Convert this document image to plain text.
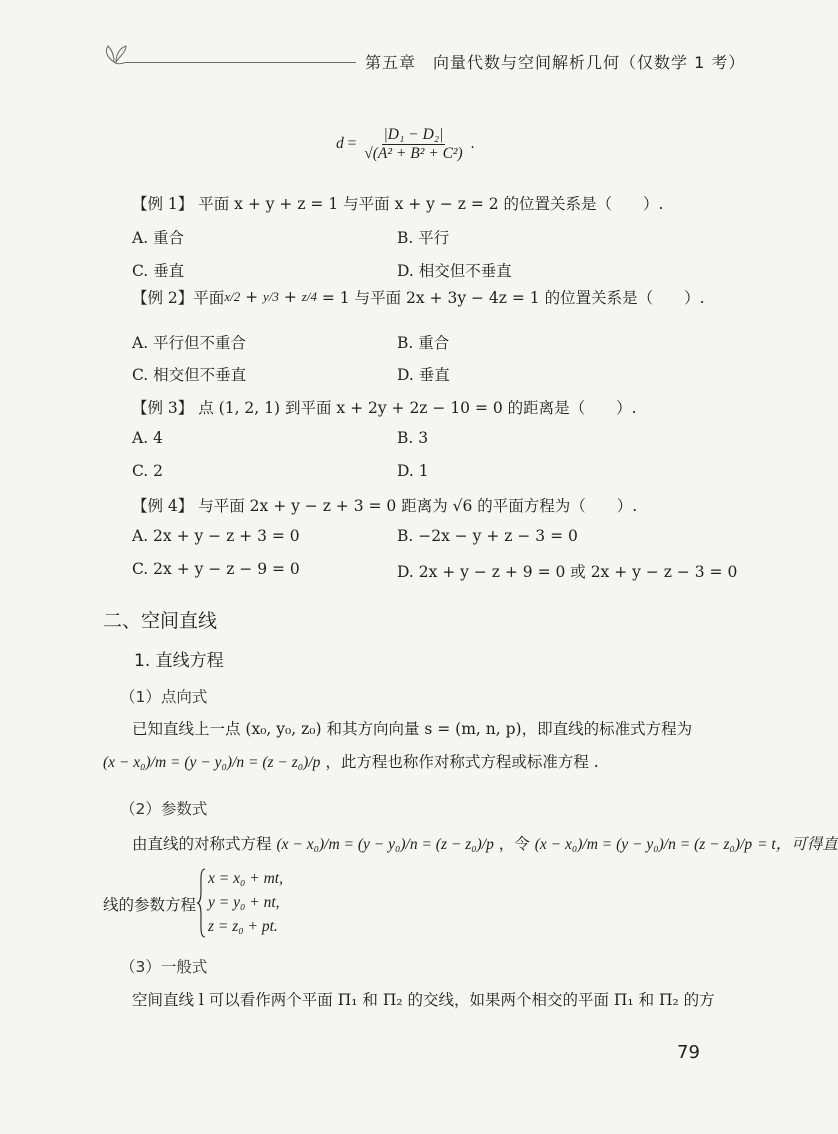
第五章　向量代数与空间解析几何（仅数学 1 考）
$d = \frac{\text{|D₁ − D₂|}}{\text{√(A² + B² + C²)}}$ .
【例 1】 平面 x + y + z = 1 与平面 x + y − z = 2 的位置关系是（　　）.
A. 重合	B. 平行
C. 垂直	D. 相交但不垂直
【例 2】 平面 x/2 + y/3 + z/4
= 1 与平面 2x + 3y − 4z = 1 的位置关系是（　　）.
A. 平行但不重合	B. 重合
C. 相交但不垂直	D. 垂直
【例 3】 点 (1, 2, 1) 到平面 x + 2y + 2z − 10 = 0 的距离是（　　）.
A. 4	B. 3
C. 2	D. 1
【例 4】 与平面 2x + y − z + 3 = 0 距离为 √6 的平面方程为（　　）.
A. 2x + y − z + 3 = 0	B. −2x − y + z − 3 = 0
C. 2x + y − z − 9 = 0	D. 2x + y − z + 9 = 0 或 2x + y − z − 3 = 0
二、空间直线
1. 直线方程
（1）点向式
已知直线上一点 (x₀, y₀, z₀) 和其方向向量 s = (m, n, p)，即直线的标准式方程为
(x − x₀)/m = (y − y₀)/n = (z − z₀)/p ，此方程也称作对称式方程或标准方程 .
（2）参数式
由直线的对称式方程 (x − x₀)/m = (y − y₀)/n = (z − z₀)/p ，令 (x − x₀)/m = (y − y₀)/n = (z − z₀)/p = t，可得直
线的参数方程
x = x₀ + mt,
y = y₀ + nt,
z = z₀ + pt.
（3）一般式
空间直线 l 可以看作两个平面 Π₁ 和 Π₂ 的交线，如果两个相交的平面 Π₁ 和 Π₂ 的方
79
